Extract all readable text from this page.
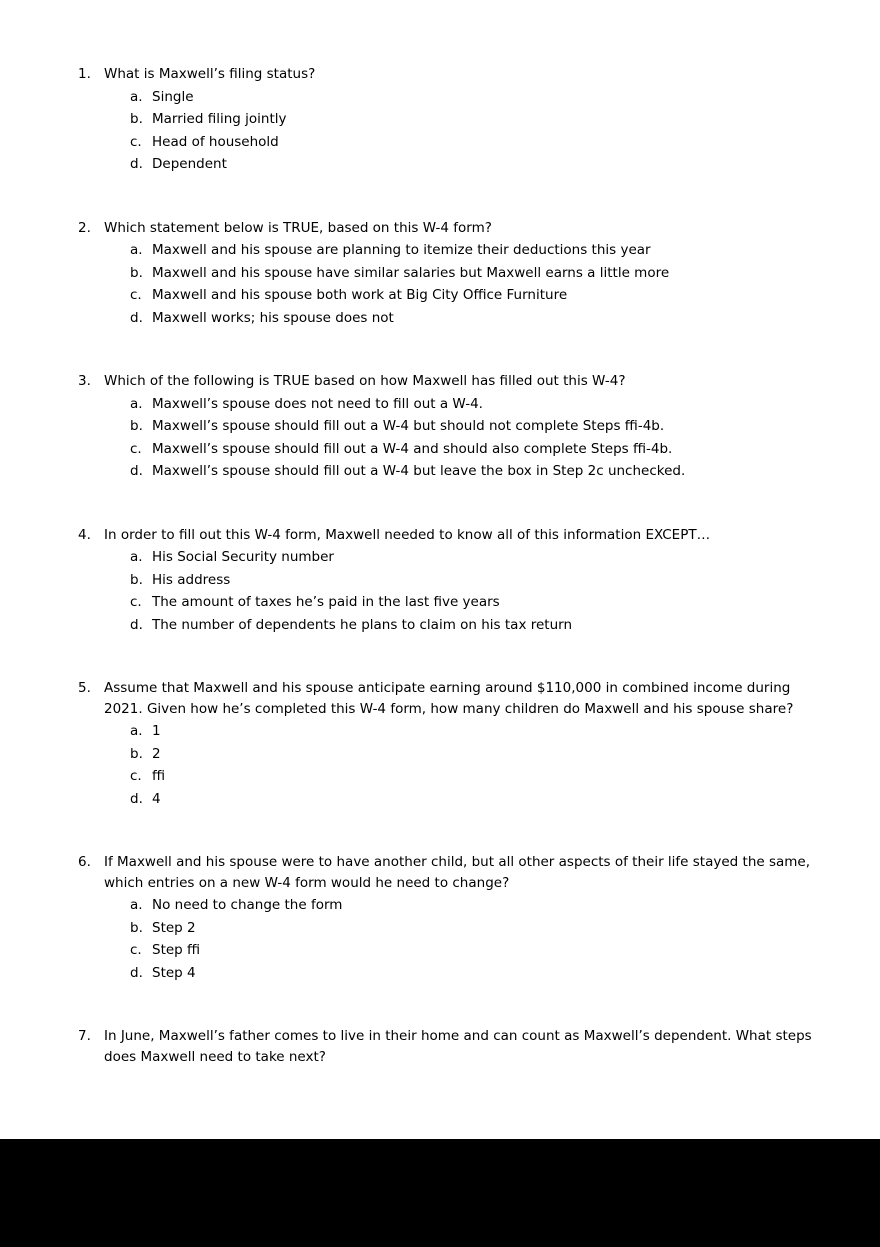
1. What is Maxwell’s filing status?
a. Single
b. Married filing jointly
c. Head of household
d. Dependent
2. Which statement below is TRUE, based on this W-4 form?
a. Maxwell and his spouse are planning to itemize their deductions this year
b. Maxwell and his spouse have similar salaries but Maxwell earns a little more
c. Maxwell and his spouse both work at Big City Office Furniture
d. Maxwell works; his spouse does not
3. Which of the following is TRUE based on how Maxwell has filled out this W-4?
a. Maxwell’s spouse does not need to fill out a W-4.
b. Maxwell’s spouse should fill out a W-4 but should not complete Steps ffi-4b.
c. Maxwell’s spouse should fill out a W-4 and should also complete Steps ffi-4b.
d. Maxwell’s spouse should fill out a W-4 but leave the box in Step 2c unchecked.
4. In order to fill out this W-4 form, Maxwell needed to know all of this information EXCEPT…
a. His Social Security number
b. His address
c. The amount of taxes he’s paid in the last five years
d. The number of dependents he plans to claim on his tax return
5. Assume that Maxwell and his spouse anticipate earning around $110,000 in combined income during 2021. Given how he’s completed this W-4 form, how many children do Maxwell and his spouse share?
a. 1
b. 2
c. ffi
d. 4
6. If Maxwell and his spouse were to have another child, but all other aspects of their life stayed the same, which entries on a new W-4 form would he need to change?
a. No need to change the form
b. Step 2
c. Step ffi
d. Step 4
7. In June, Maxwell’s father comes to live in their home and can count as Maxwell’s dependent. What steps does Maxwell need to take next?
